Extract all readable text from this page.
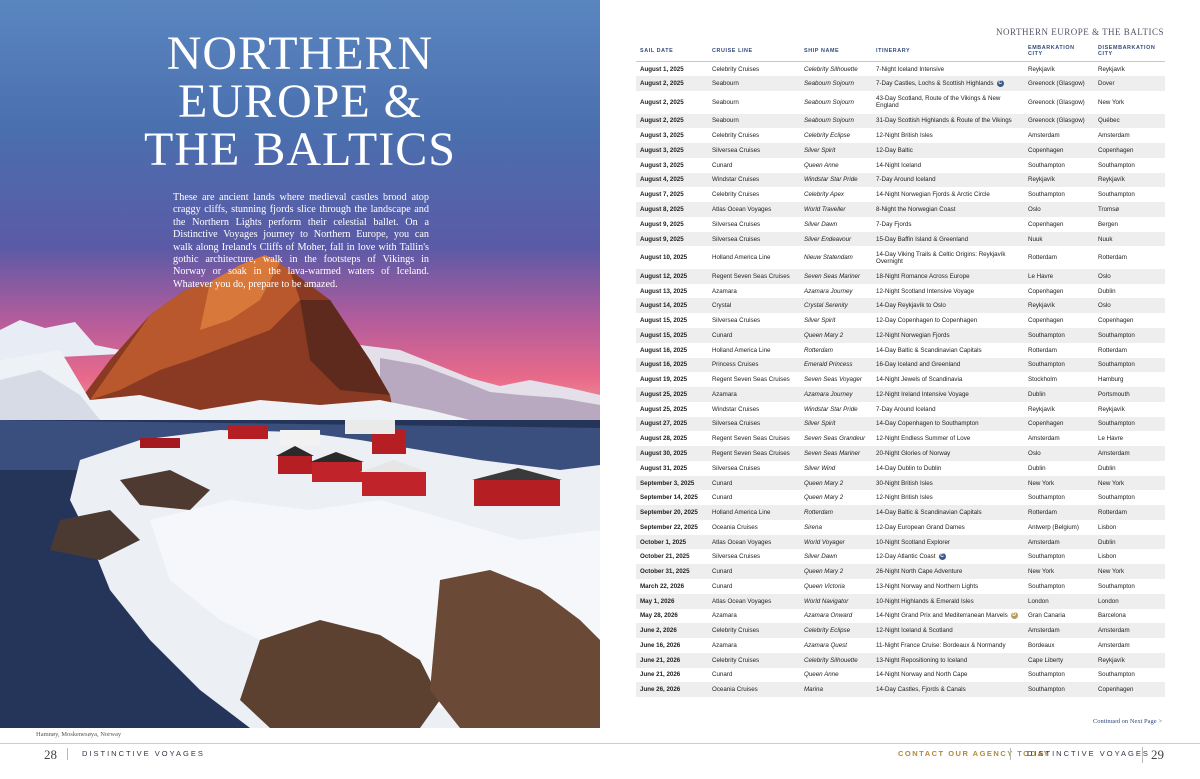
NORTHERN
EUROPE &
THE BALTICS

These are ancient lands where medieval castles brood atop craggy cliffs, stunning fjords slice through the landscape and the Northern Lights perform their celestial ballet. On a Distinctive Voyages journey to Northern Europe, you can walk along Ireland's Cliffs of Moher, fall in love with Tallin's gothic architecture, walk in the footsteps of Vikings in Norway or soak in the lava-warmed waters of Iceland. Whatever you do, prepare to be amazed.

Hamnøy, Moskenesøya, Norway
28	DISTINCTIVE VOYAGES
NORTHERN EUROPE & THE BALTICS
SAIL DATE	CRUISE LINE	SHIP NAME	ITINERARY	EMBARKATION CITY	DISEMBARKATION CITY
August 1, 2025	Celebrity Cruises	Celebrity Silhouette	7-Night Iceland Intensive	Reykjavík	Reykjavík
August 2, 2025	Seabourn	Seabourn Sojourn	7-Day Castles, Lochs & Scottish Highlands C	Greenock (Glasgow)	Dover
August 2, 2025	Seabourn	Seabourn Sojourn	43-Day Scotland, Route of the Vikings & New England	Greenock (Glasgow)	New York
August 2, 2025	Seabourn	Seabourn Sojourn	31-Day Scottish Highlands & Route of the Vikings	Greenock (Glasgow)	Québec
August 3, 2025	Celebrity Cruises	Celebrity Eclipse	12-Night British Isles	Amsterdam	Amsterdam
August 3, 2025	Silversea Cruises	Silver Spirit	12-Day Baltic	Copenhagen	Copenhagen
August 3, 2025	Cunard	Queen Anne	14-Night Iceland	Southampton	Southampton
August 4, 2025	Windstar Cruises	Windstar Star Pride	7-Day Around Iceland	Reykjavík	Reykjavík
August 7, 2025	Celebrity Cruises	Celebrity Apex	14-Night Norwegian Fjords & Arctic Circle	Southampton	Southampton
August 8, 2025	Atlas Ocean Voyages	World Traveller	8-Night the Norwegian Coast	Oslo	Tromsø
August 9, 2025	Silversea Cruises	Silver Dawn	7-Day Fjords	Copenhagen	Bergen
August 9, 2025	Silversea Cruises	Silver Endeavour	15-Day Baffin Island & Greenland	Nuuk	Nuuk
August 10, 2025	Holland America Line	Nieuw Statendam	14-Day Viking Trails & Celtic Origins: Reykjavík Overnight	Rotterdam	Rotterdam
August 12, 2025	Regent Seven Seas Cruises	Seven Seas Mariner	18-Night Romance Across Europe	Le Havre	Oslo
August 13, 2025	Azamara	Azamara Journey	12-Night Scotland Intensive Voyage	Copenhagen	Dublin
August 14, 2025	Crystal	Crystal Serenity	14-Day Reykjavík to Oslo	Reykjavík	Oslo
August 15, 2025	Silversea Cruises	Silver Spirit	12-Day Copenhagen to Copenhagen	Copenhagen	Copenhagen
August 15, 2025	Cunard	Queen Mary 2	12-Night Norwegian Fjords	Southampton	Southampton
August 16, 2025	Holland America Line	Rotterdam	14-Day Baltic & Scandinavian Capitals	Rotterdam	Rotterdam
August 16, 2025	Princess Cruises	Emerald Princess	16-Day Iceland and Greenland	Southampton	Southampton
August 19, 2025	Regent Seven Seas Cruises	Seven Seas Voyager	14-Night Jewels of Scandinavia	Stockholm	Hamburg
August 25, 2025	Azamara	Azamara Journey	12-Night Ireland Intensive Voyage	Dublin	Portsmouth
August 25, 2025	Windstar Cruises	Windstar Star Pride	7-Day Around Iceland	Reykjavík	Reykjavík
August 27, 2025	Silversea Cruises	Silver Spirit	14-Day Copenhagen to Southampton	Copenhagen	Southampton
August 28, 2025	Regent Seven Seas Cruises	Seven Seas Grandeur	12-Night Endless Summer of Love	Amsterdam	Le Havre
August 30, 2025	Regent Seven Seas Cruises	Seven Seas Mariner	20-Night Glories of Norway	Oslo	Amsterdam
August 31, 2025	Silversea Cruises	Silver Wind	14-Day Dublin to Dublin	Dublin	Dublin
September 3, 2025	Cunard	Queen Mary 2	30-Night British Isles	New York	New York
September 14, 2025	Cunard	Queen Mary 2	12-Night British Isles	Southampton	Southampton
September 20, 2025	Holland America Line	Rotterdam	14-Day Baltic & Scandinavian Capitals	Rotterdam	Rotterdam
September 22, 2025	Oceania Cruises	Sirena	12-Day European Grand Dames	Antwerp (Belgium)	Lisbon
October 1, 2025	Atlas Ocean Voyages	World Voyager	10-Night Scotland Explorer	Amsterdam	Dublin
October 21, 2025	Silversea Cruises	Silver Dawn	12-Day Atlantic Coast C	Southampton	Lisbon
October 31, 2025	Cunard	Queen Mary 2	26-Night North Cape Adventure	New York	New York
March 22, 2026	Cunard	Queen Victoria	13-Night Norway and Northern Lights	Southampton	Southampton
May 1, 2026	Atlas Ocean Voyages	World Navigator	10-Night Highlands & Emerald Isles	London	London
May 28, 2026	Azamara	Azamara Onward	14-Night Grand Prix and Mediterranean Marvels D	Gran Canaria	Barcelona
June 2, 2026	Celebrity Cruises	Celebrity Eclipse	12-Night Iceland & Scotland	Amsterdam	Amsterdam
June 16, 2026	Azamara	Azamara Quest	11-Night France Cruise: Bordeaux & Normandy	Bordeaux	Amsterdam
June 21, 2026	Celebrity Cruises	Celebrity Silhouette	13-Night Repositioning to Iceland	Cape Liberty	Reykjavík
June 21, 2026	Cunard	Queen Anne	14-Night Norway and North Cape	Southampton	Southampton
June 26, 2026	Oceania Cruises	Marina	14-Day Castles, Fjords & Canals	Southampton	Copenhagen
Continued on Next Page >
CONTACT OUR AGENCY TODAY
DISTINCTIVE VOYAGES 29
